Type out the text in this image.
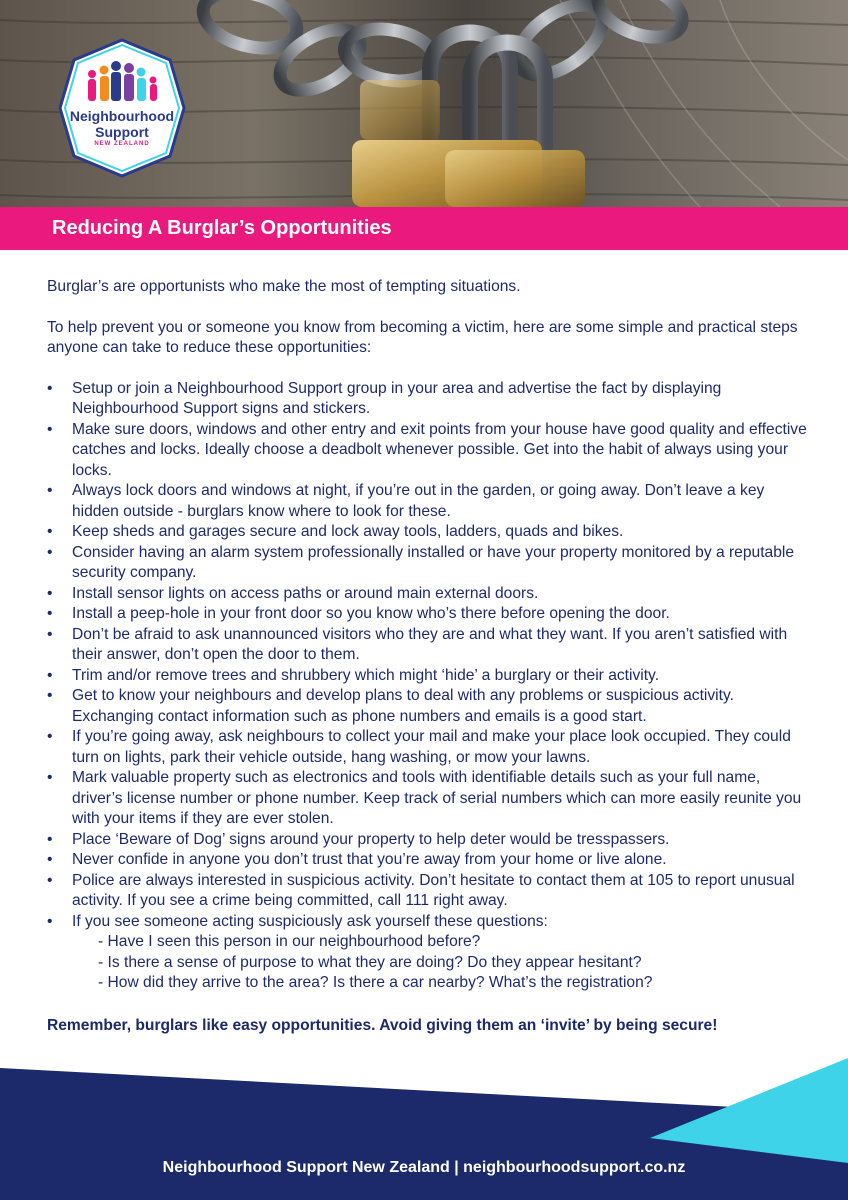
Neighbourhood
Support
NEW ZEALAND
Reducing A Burglar’s Opportunities

Burglar’s are opportunists who make the most of tempting situations.

To help prevent you or someone you know from becoming a victim, here are some simple and practical steps anyone can take to reduce these opportunities:

• Setup or join a Neighbourhood Support group in your area and advertise the fact by displaying Neighbourhood Support signs and stickers.
• Make sure doors, windows and other entry and exit points from your house have good quality and effective catches and locks. Ideally choose a deadbolt whenever possible. Get into the habit of always using your locks.
• Always lock doors and windows at night, if you’re out in the garden, or going away. Don’t leave a key hidden outside - burglars know where to look for these.
• Keep sheds and garages secure and lock away tools, ladders, quads and bikes.
• Consider having an alarm system professionally installed or have your property monitored by a reputable security company.
• Install sensor lights on access paths or around main external doors.
• Install a peep-hole in your front door so you know who’s there before opening the door.
• Don’t be afraid to ask unannounced visitors who they are and what they want. If you aren’t satisfied with their answer, don’t open the door to them.
• Trim and/or remove trees and shrubbery which might ‘hide’ a burglary or their activity.
• Get to know your neighbours and develop plans to deal with any problems or suspicious activity. Exchanging contact information such as phone numbers and emails is a good start.
• If you’re going away, ask neighbours to collect your mail and make your place look occupied. They could turn on lights, park their vehicle outside, hang washing, or mow your lawns.
• Mark valuable property such as electronics and tools with identifiable details such as your full name, driver’s license number or phone number. Keep track of serial numbers which can more easily reunite you with your items if they are ever stolen.
• Place ‘Beware of Dog’ signs around your property to help deter would be tresspassers.
• Never confide in anyone you don’t trust that you’re away from your home or live alone.
• Police are always interested in suspicious activity. Don’t hesitate to contact them at 105 to report unusual activity. If you see a crime being committed, call 111 right away.
• If you see someone acting suspiciously ask yourself these questions:
- Have I seen this person in our neighbourhood before?
- Is there a sense of purpose to what they are doing? Do they appear hesitant?
- How did they arrive to the area? Is there a car nearby? What’s the registration?

Remember, burglars like easy opportunities. Avoid giving them an ‘invite’ by being secure!

Neighbourhood Support New Zealand | neighbourhoodsupport.co.nz
